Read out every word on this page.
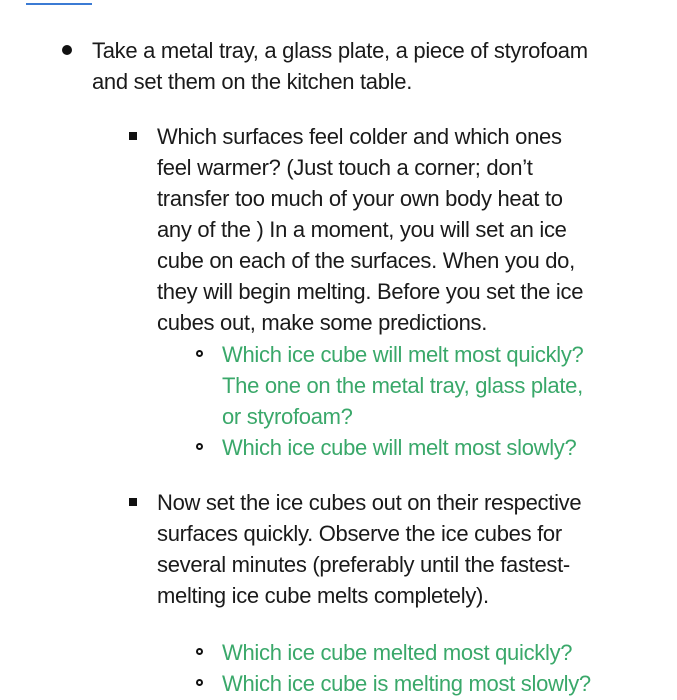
Take a metal tray, a glass plate, a piece of styrofoam
and set them on the kitchen table.
Which surfaces feel colder and which ones
feel warmer? (Just touch a corner; don’t
transfer too much of your own body heat to
any of the ) In a moment, you will set an ice
cube on each of the surfaces. When you do,
they will begin melting. Before you set the ice
cubes out, make some predictions.
Which ice cube will melt most quickly?
The one on the metal tray, glass plate,
or styrofoam?
Which ice cube will melt most slowly?
Now set the ice cubes out on their respective
surfaces quickly. Observe the ice cubes for
several minutes (preferably until the fastest-
melting ice cube melts completely).
Which ice cube melted most quickly?
Which ice cube is melting most slowly?
